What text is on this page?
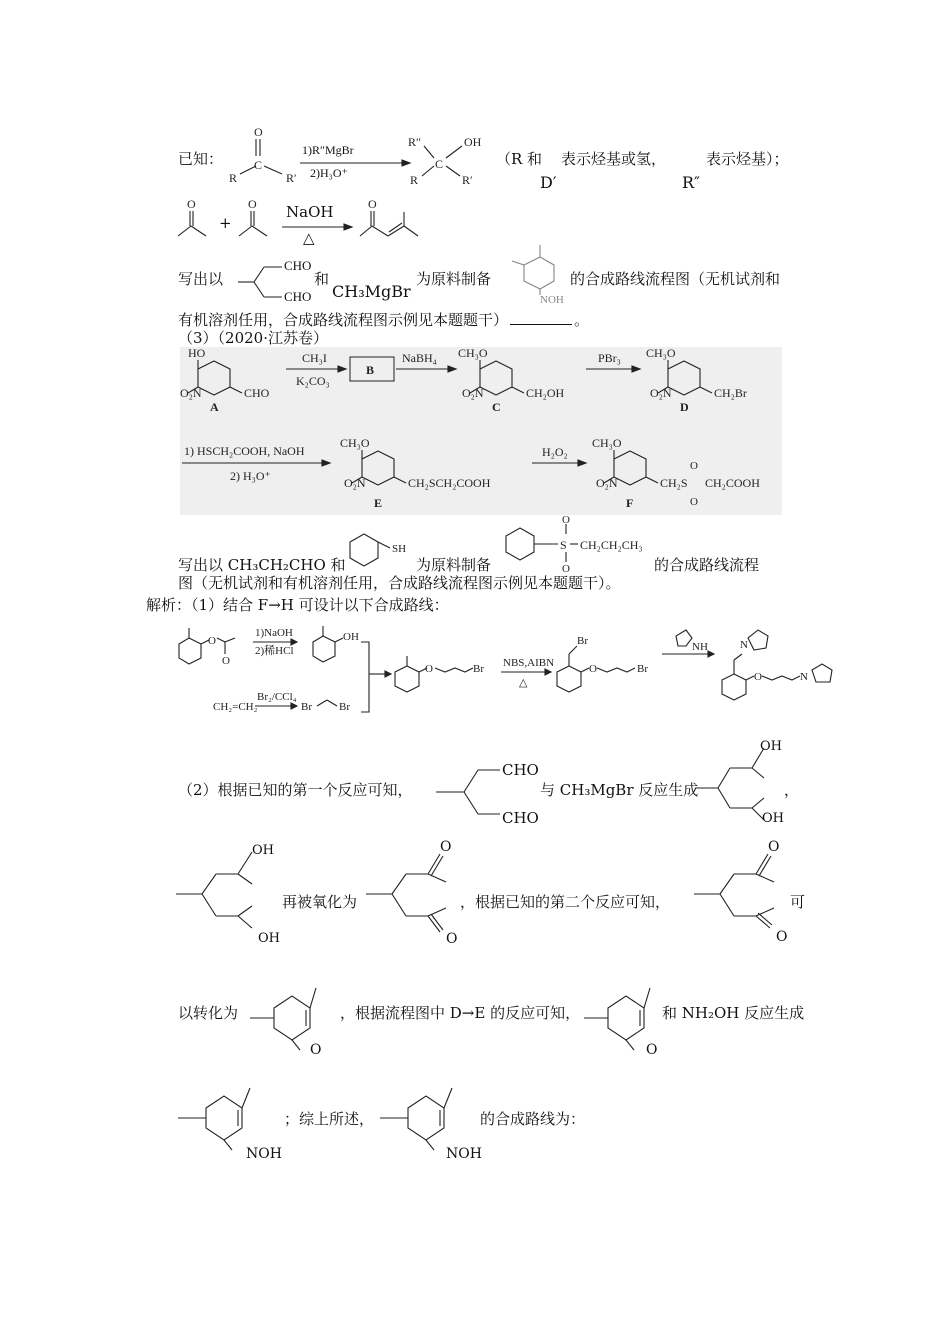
已知：
O
C
R	R′
1)R″MgBr
2)H₃O⁺
R″	OH
C
R	R′
（R 和 表示烃基或氢，	表示烃基）；
D′	R″
O
+
O NaOH
△
O
写出以
CHO
CHO
和
CH₃MgBr
为原料制备
NOH
的合成路线流程图（无机试剂和
有机溶剂任用，合成路线流程图示例见本题题干）	。
（3）（2020·江苏卷）
HO
O₂N	CHO
A
CH₃I
K₂CO₃
B
NaBH₄ CH₃O
O₂N	CH₂OH
C
PBr₃ CH₃O
O₂N	CH₂Br
D
1) HSCH₂COOH, NaOH
2) H₃O⁺
CH₃O
O₂N	CH₂SCH₂COOH
E
H₂O₂
CH₃O
O₂N	CH₂S CH₂COOH
O
O
F
写出以 CH₃CH₂CHO 和
SH
为原料制备
S
O
O
CH₂CH₂CH₃
的合成路线流程
图（无机试剂和有机溶剂任用，合成路线流程图示例见本题题干）。
解析：（1）结合 F→H 可设计以下合成路线：
O
O
1)NaOH
2)稀HCl
OH
Br₂/CCl₄
CH₂=CH₂	Br Br
O	Br NBS,AIBN
△
Br
O	Br
NH	N
O	N
（2）根据已知的第一个反应可知，
CHO
CHO
与 CH₃MgBr 反应生成
OH
OH
，
OH
OH
再被氧化为
O
O
，根据已知的第二个反应可知，
O
O
可
以转化为
O
，根据流程图中 D→E 的反应可知，
O
和 NH₂OH 反应生成
NOH
；综上所述，
NOH
的合成路线为：
